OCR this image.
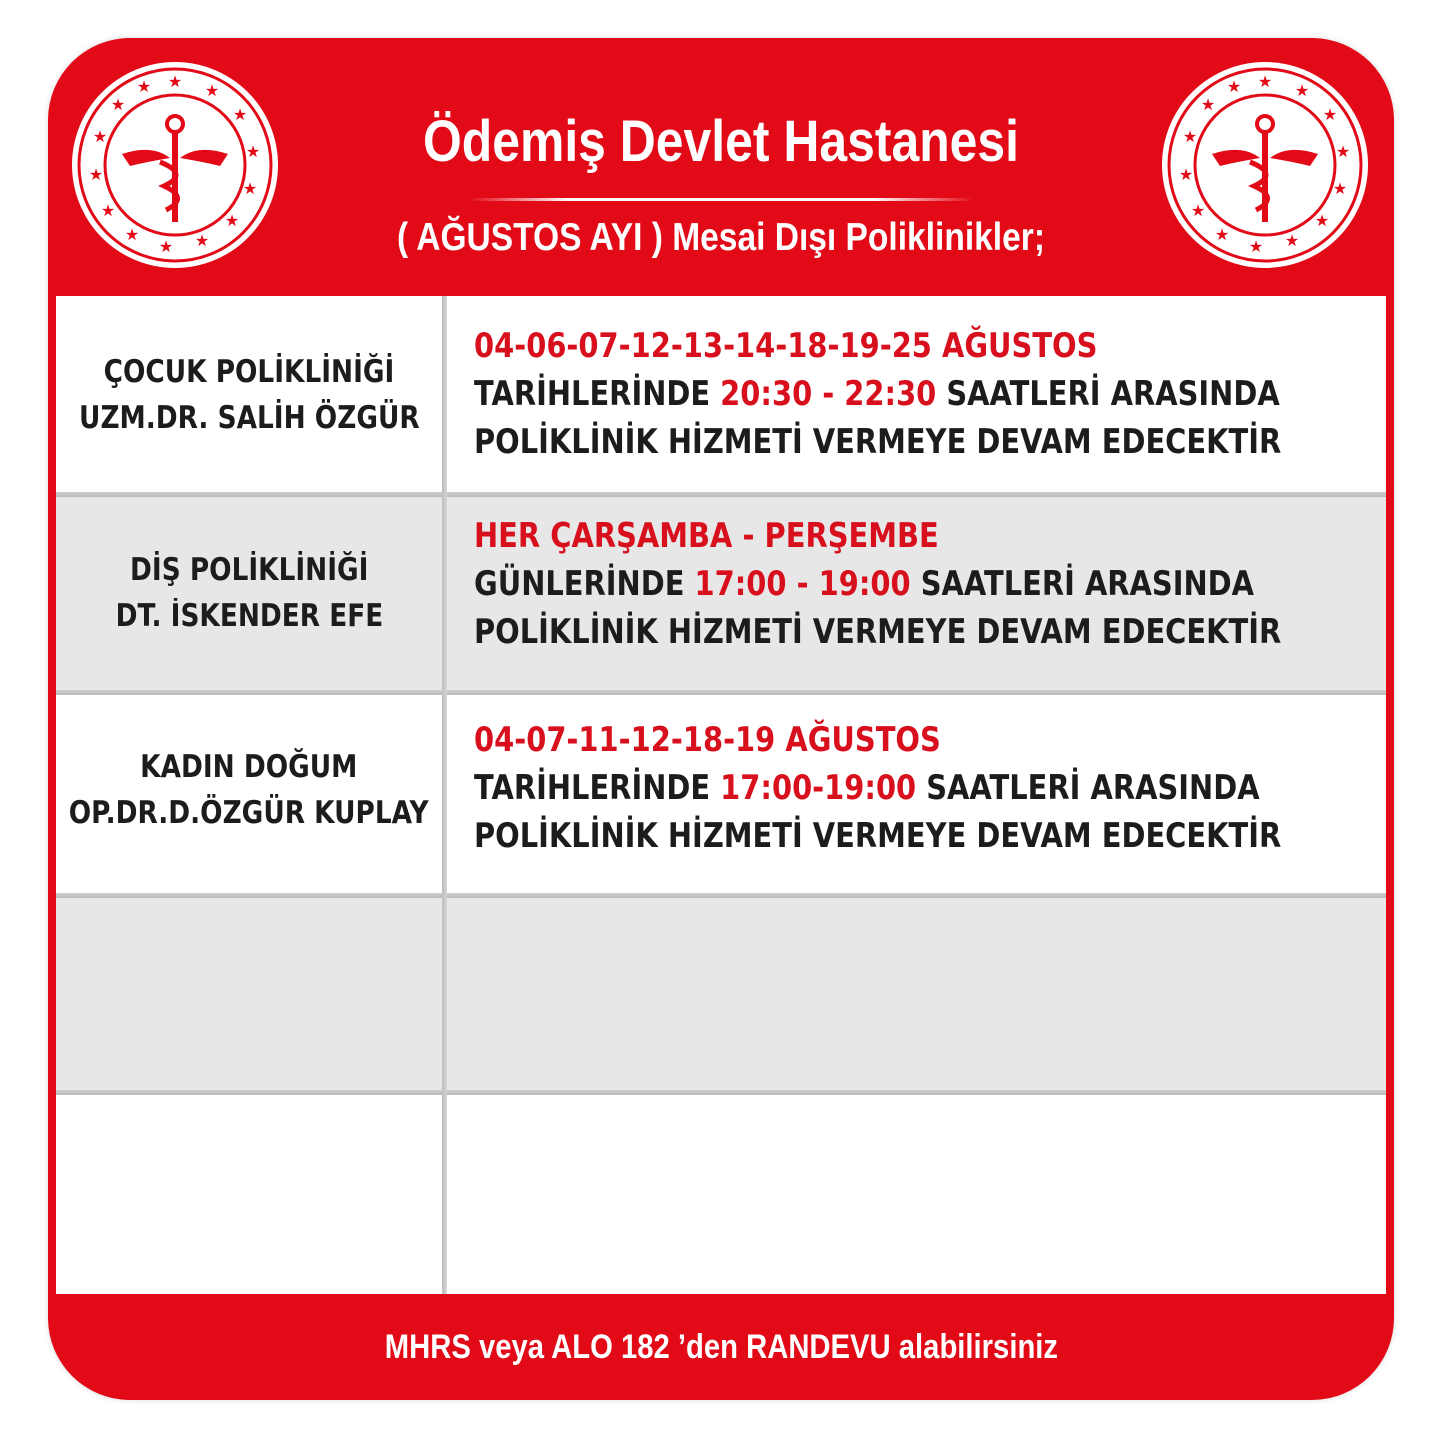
★ ★
★
★
★
★
★
★
★
★
★
★
★
★	★ ★
★
★
★
★
★
★
★
★
★
★
★
★
Ödemiş Devlet Hastanesi
( AĞUSTOS AYI ) Mesai Dışı Poliklinikler;
ÇOCUK POLİKLİNİĞİ
UZM.DR. SALİH ÖZGÜR
04-06-07-12-13-14-18-19-25 AĞUSTOS
TARİHLERİNDE 20:30 - 22:30 SAATLERİ ARASINDA
POLİKLİNİK HİZMETİ VERMEYE DEVAM EDECEKTİR
DİŞ POLİKLİNİĞİ
DT. İSKENDER EFE
HER ÇARŞAMBA - PERŞEMBE
GÜNLERİNDE 17:00 - 19:00 SAATLERİ ARASINDA
POLİKLİNİK HİZMETİ VERMEYE DEVAM EDECEKTİR
KADIN DOĞUM
OP.DR.D.ÖZGÜR KUPLAY
04-07-11-12-18-19 AĞUSTOS
TARİHLERİNDE 17:00-19:00 SAATLERİ ARASINDA
POLİKLİNİK HİZMETİ VERMEYE DEVAM EDECEKTİR
MHRS veya ALO 182 ’den RANDEVU alabilirsiniz
